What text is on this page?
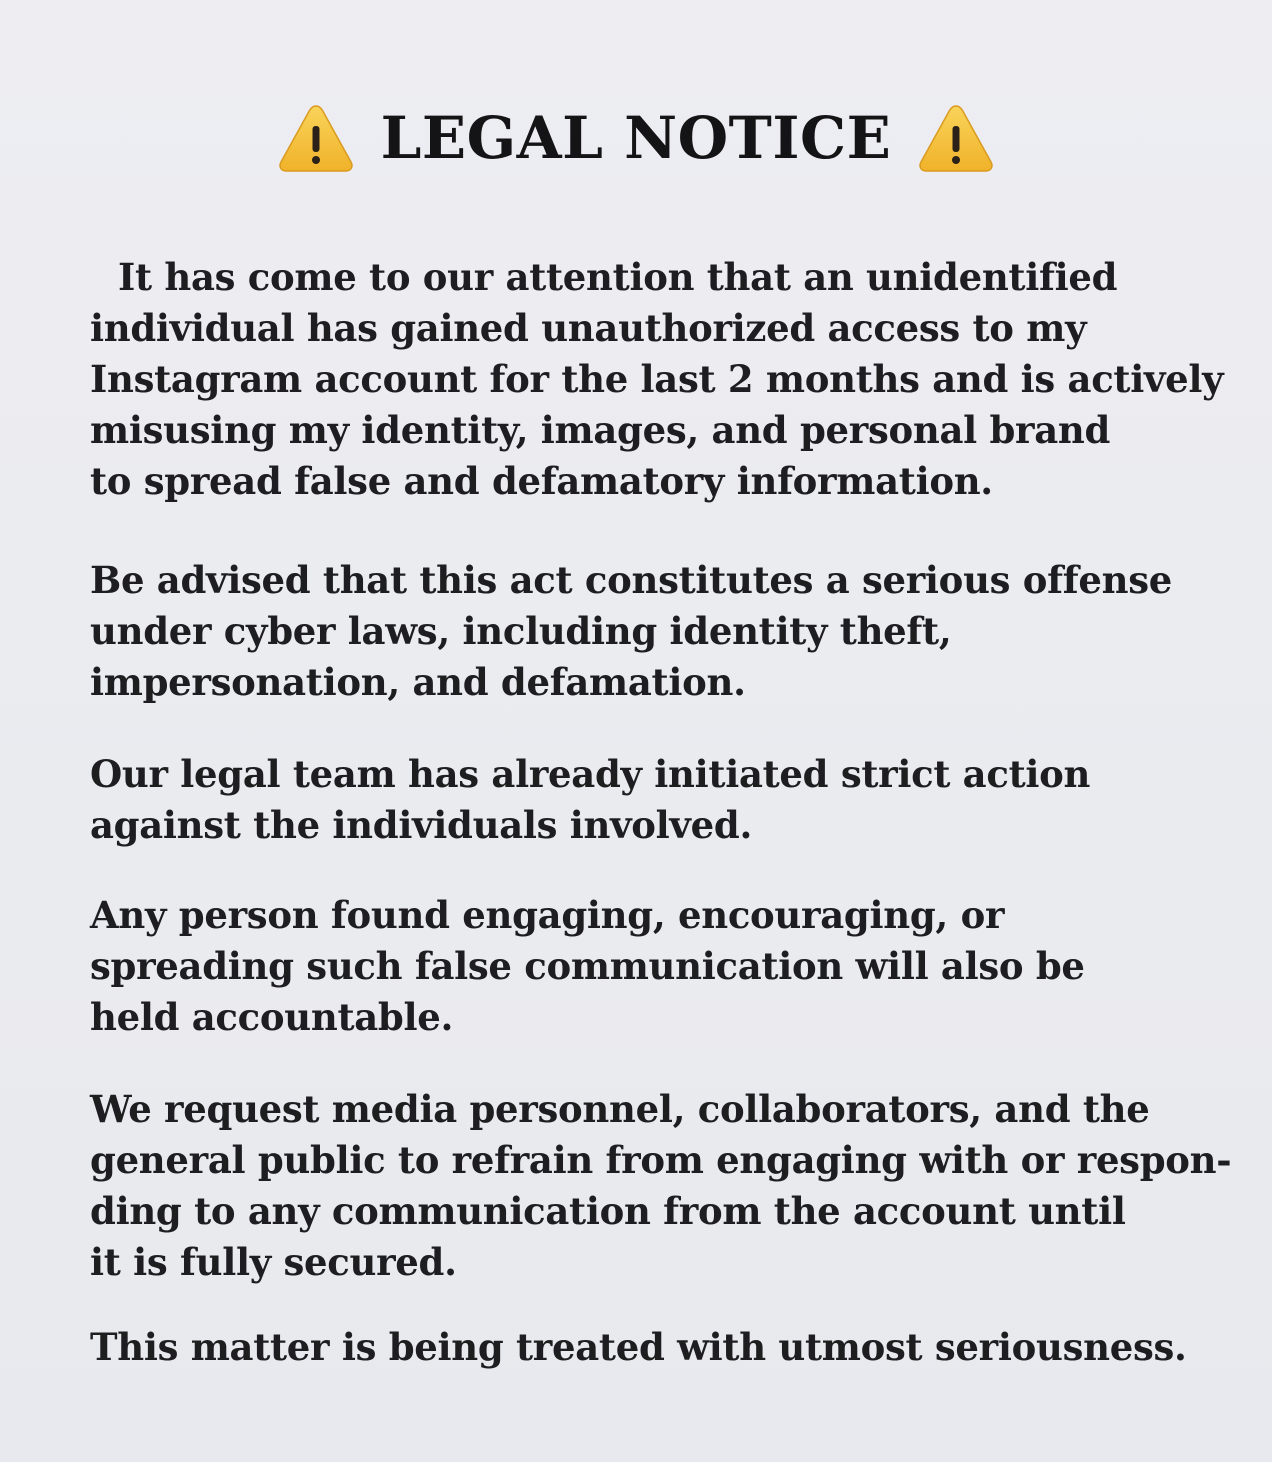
LEGAL NOTICE

It has come to our attention that an unidentified
individual has gained unauthorized access to my
Instagram account for the last 2 months and is actively
misusing my identity, images, and personal brand
to spread false and defamatory information.

Be advised that this act constitutes a serious offense
under cyber laws, including identity theft,
impersonation, and defamation.

Our legal team has already initiated strict action
against the individuals involved.

Any person found engaging, encouraging, or
spreading such false communication will also be
held accountable.

We request media personnel, collaborators, and the
general public to refrain from engaging with or respon-
ding to any communication from the account until
it is fully secured.

This matter is being treated with utmost seriousness.
